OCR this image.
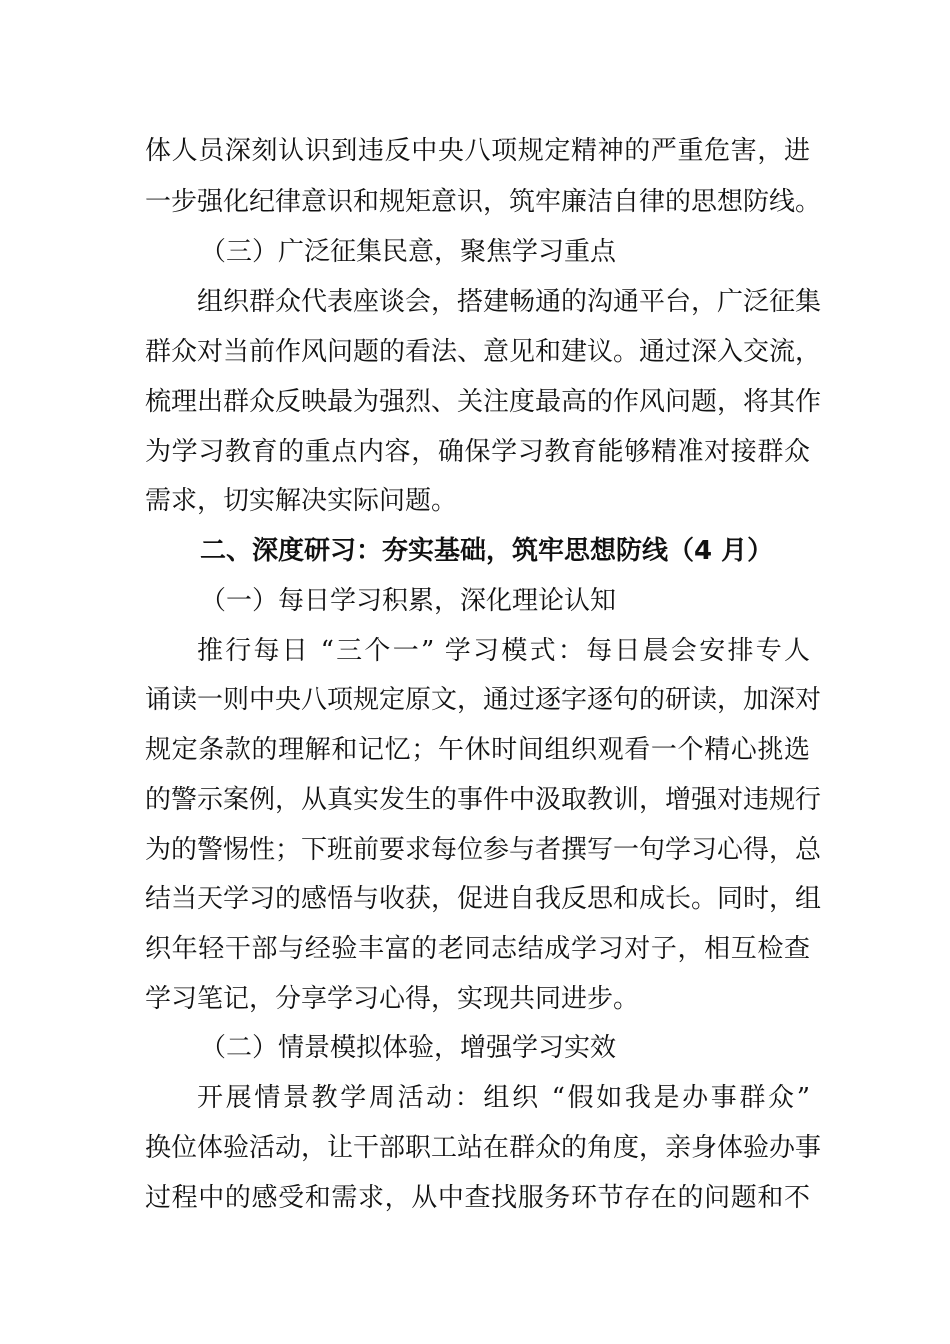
体人员深刻认识到违反中央八项规定精神的严重危害，进
一步强化纪律意识和规矩意识，筑牢廉洁自律的思想防线。
（三）广泛征集民意，聚焦学习重点
组织群众代表座谈会，搭建畅通的沟通平台，广泛征集
群众对当前作风问题的看法、意见和建议。通过深入交流，
梳理出群众反映最为强烈、关注度最高的作风问题，将其作
为学习教育的重点内容，确保学习教育能够精准对接群众
需求，切实解决实际问题。
二、深度研习：夯实基础，筑牢思想防线（4 月）
（一）每日学习积累，深化理论认知
推行每日 “三个一” 学习模式：每日晨会安排专人
诵读一则中央八项规定原文，通过逐字逐句的研读，加深对
规定条款的理解和记忆；午休时间组织观看一个精心挑选
的警示案例，从真实发生的事件中汲取教训，增强对违规行
为的警惕性；下班前要求每位参与者撰写一句学习心得，总
结当天学习的感悟与收获，促进自我反思和成长。同时，组
织年轻干部与经验丰富的老同志结成学习对子，相互检查
学习笔记，分享学习心得，实现共同进步。
（二）情景模拟体验，增强学习实效
开展情景教学周活动：组织 “假如我是办事群众”
换位体验活动，让干部职工站在群众的角度，亲身体验办事
过程中的感受和需求，从中查找服务环节存在的问题和不
